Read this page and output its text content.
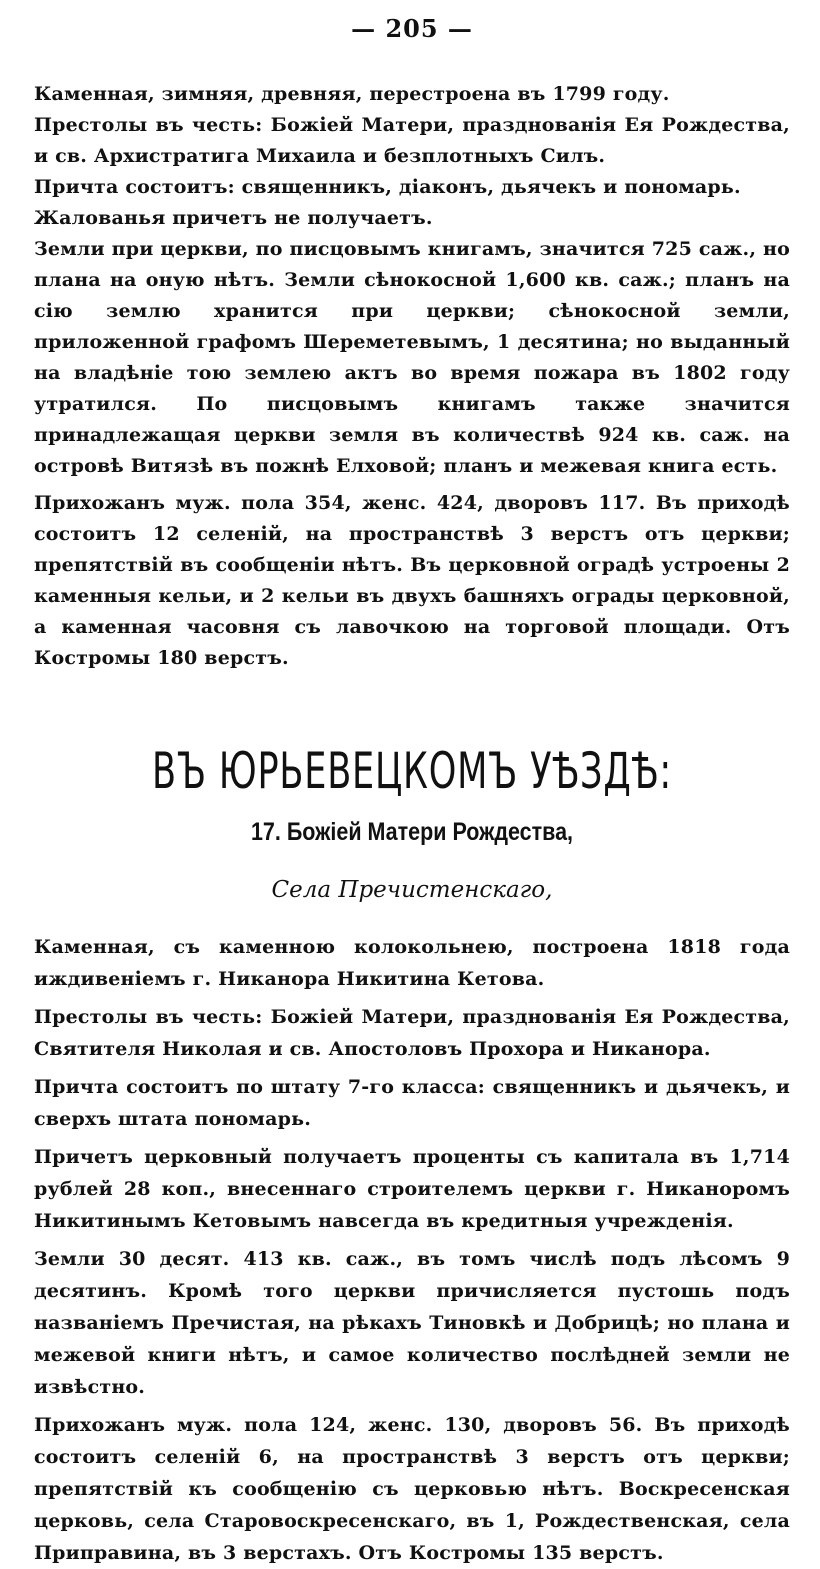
— 205 —

Каменная, зимняя, древняя, перестроена въ 1799 году.

Престолы въ честь: Божіей Матери, празднованія Ея Рождества, и св. Архистратига Михаила и безплотныхъ Силъ.

Причта состоитъ: священникъ, діаконъ, дьячекъ и пономарь.

Жалованья причетъ не получаетъ.

Земли при церкви, по писцовымъ книгамъ, значится 725 саж., но плана на оную нѣтъ. Земли сѣнокосной 1,600 кв. саж.; планъ на сію землю хранится при церкви; сѣнокосной земли, приложенной графомъ Шереметевымъ, 1 десятина; но выданный на владѣніе тою землею актъ во время пожара въ 1802 году утратился. По писцовымъ книгамъ также значится принадлежащая церкви земля въ количествѣ 924 кв. саж. на островѣ Витязѣ въ пожнѣ Елховой; планъ и межевая книга есть.

Прихожанъ муж. пола 354, женс. 424, дворовъ 117. Въ приходѣ состоитъ 12 селеній, на пространствѣ 3 верстъ отъ церкви; препятствій въ сообщеніи нѣтъ. Въ церковной оградѣ устроены 2 каменныя кельи, и 2 кельи въ двухъ башняхъ ограды церковной, а каменная часовня съ лавочкою на торговой площади. Отъ Костромы 180 верстъ.

ВЪ ЮРЬЕВЕЦКОМЪ УѢЗДѢ:
17. Божіей Матери Рождества,
Села Пречистенскаго,

Каменная, съ каменною колокольнею, построена 1818 года иждивеніемъ г. Никанора Никитина Кетова.

Престолы въ честь: Божіей Матери, празднованія Ея Рождества, Святителя Николая и св. Апостоловъ Прохора и Никанора.

Причта состоитъ по штату 7-го класса: священникъ и дьячекъ, и сверхъ штата пономарь.

Причетъ церковный получаетъ проценты съ капитала въ 1,714 рублей 28 коп., внесеннаго строителемъ церкви г. Никаноромъ Никитинымъ Кетовымъ навсегда въ кредитныя учрежденія.

Земли 30 десят. 413 кв. саж., въ томъ числѣ подъ лѣсомъ 9 десятинъ. Кромѣ того церкви причисляется пустошь подъ названіемъ Пречистая, на рѣкахъ Тиновкѣ и Добрицѣ; но плана и межевой книги нѣтъ, и самое количество послѣдней земли не извѣстно.

Прихожанъ муж. пола 124, женс. 130, дворовъ 56. Въ приходѣ состоитъ селеній 6, на пространствѣ 3 верстъ отъ церкви; препятствій къ сообщенію съ церковью нѣтъ. Воскресенская церковь, села Старовоскресенскаго, въ 1, Рождественская, села Приправина, въ 3 верстахъ. Отъ Костромы 135 верстъ.
